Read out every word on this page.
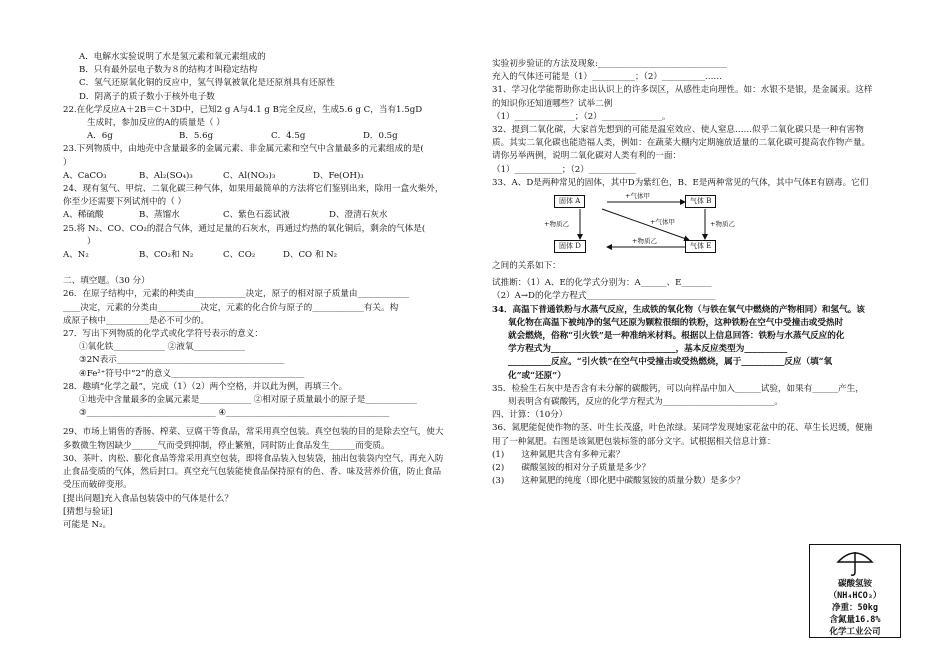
A．电解水实验说明了水是氢元素和氧元素组成的
B．只有最外层电子数为８的结构才叫稳定结构
C．氢气还原氧化铜的反应中，氢气得氧被氧化是还原剂具有还原性
D．阴离子的质子数小于核外电子数
22.在化学反应A＋2B＝C＋3D中，已知2 g A与4.1 g B完全反应，生成5.6 g C，当有1.5gD
生成时，参加反应的A的质量是（ ）
A．6g	B．5.6g	C．4.5g	D．0.5g
23.下列物质中，由地壳中含量最多的金属元素、非金属元素和空气中含量最多的元素组成的是(
）
A、CaCO₃	B、Al₂(SO₄)₃	C、Al(NO₃)₃	D、Fe(OH)₃
24、现有氢气、甲烷、二氧化碳三种气体，如果用最简单的方法将它们鉴别出来，除用一盒火柴外，
你至少还需要下列试剂中的（ ）
A、稀硫酸	B、蒸馏水	C、紫色石蕊试液	D、澄清石灰水
25.将 N₂、CO、CO₂的混合气体，通过足量的石灰水，再通过灼热的氧化铜后，剩余的气体是(
）
A、N₂	B、CO₂和 N₂	C、CO₂	D、CO 和 N₂
二、填空题。（30 分）
26．在原子结构中，元素的种类由____________决定，原子的相对原子质量由____________
____决定，元素的分类由__________决定，元素的化合价与原子的____________有关。构
成原子核中__________是必不可少的。
27．写出下列物质的化学式或化学符号表示的意义：
①氧化铁____________ ②液氧____________
③2N表示_______________________________________
④Fe²⁺符号中“2”的意义_______________________________
28．趣填“化学之最”，完成（1）（2）两个空格，并以此为例，再填三个。
①地壳中含量最多的金属元素是____________ ②相对原子质量最小的原子是____________
③______________________________ ④______________________________________
29、市场上销售的香肠、榨菜、豆腐干等食品，常采用真空包装。真空包装的目的是除去空气，使大
多数微生物因缺少______气而受到抑制，停止繁殖，同时防止食品发生______而变质。
30、茶叶、肉松、膨化食品等常采用真空包装，即将食品装入包装袋，抽出包装袋内空气，再充入防
止食品变质的气体，然后封口。真空充气包装能使食品保持原有的色、香、味及营养价值，防止食品
受压而破碎变形。
[提出问题]充入食品包装袋中的气体是什么？
[猜想与验证]
可能是 N₂。
实验初步验证的方法及现象:______________________________
充入的气体还可能是（1）__________；（2）__________……
31、学习化学能帮助你走出认识上的许多误区，从感性走向理性。如：水银不是银，是金属汞。这样
的知识你还知道哪些？试举二例
（1）______________；（2）______________。
32、提到二氧化碳，大家首先想到的可能是温室效应、使人窒息……似乎二氧化碳只是一种有害物
质。其实二氧化碳也能造福人类，例如：在蔬菜大棚内定期施放适量的二氧化碳可提高农作物产量。
请你另举两例，说明二氧化碳对人类有利的一面：
（1）___________；（2）___________
33、A、D是两种常见的固体，其中D为紫红色，B、E是两种常见的气体，其中气体E有剧毒。它们
固体 A	气体 B
固体 D	气体 E
+气体甲
+物质乙	+物质乙
+气体甲
+物质乙
之间的关系如下：
试推断：（1）A、E的化学式分别为：A______、E_______
（2）A→D的化学方程式______________________________
34．高温下普通铁粉与水蒸气反应，生成铁的氧化物（与铁在氧气中燃烧的产物相同）和氢气。该
氧化物在高温下被纯净的氢气还原为颗粒很细的铁粉，这种铁粉在空气中受撞击或受热时
就会燃烧，俗称“引火铁”是一种准纳米材料。根据以上信息回答：铁粉与水蒸气反应的化
学方程式为_____________________________，基本反应类型为__________
__________反应。“引火铁”在空气中受撞击或受热燃烧，属于__________反应（填“氧
化”或“还原”）
35．检验生石灰中是否含有未分解的碳酸钙，可以向样品中加入______试验，如果有______产生，
则表明含有碳酸钙，反应的化学方程式为__________________________。
四、计算：（10分）
36、氮肥能促使作物的茎、叶生长茂盛，叶色浓绿。某同学发现她家花盆中的花、草生长迟缓，便施
用了一种氮肥。右图是该氮肥包装标签的部分文字。试根据相关信息计算：
(1)　　这种氮肥共含有多种元素？
(2)　　碳酸氢铵的相对分子质量是多少？
(3)　　这种氮肥的纯度（即化肥中碳酸氢铵的质量分数）是多少？
碳酸氢铵
（NH₄HCO₃）
净重：50kg
含氮量16.8%
化学工业公司
